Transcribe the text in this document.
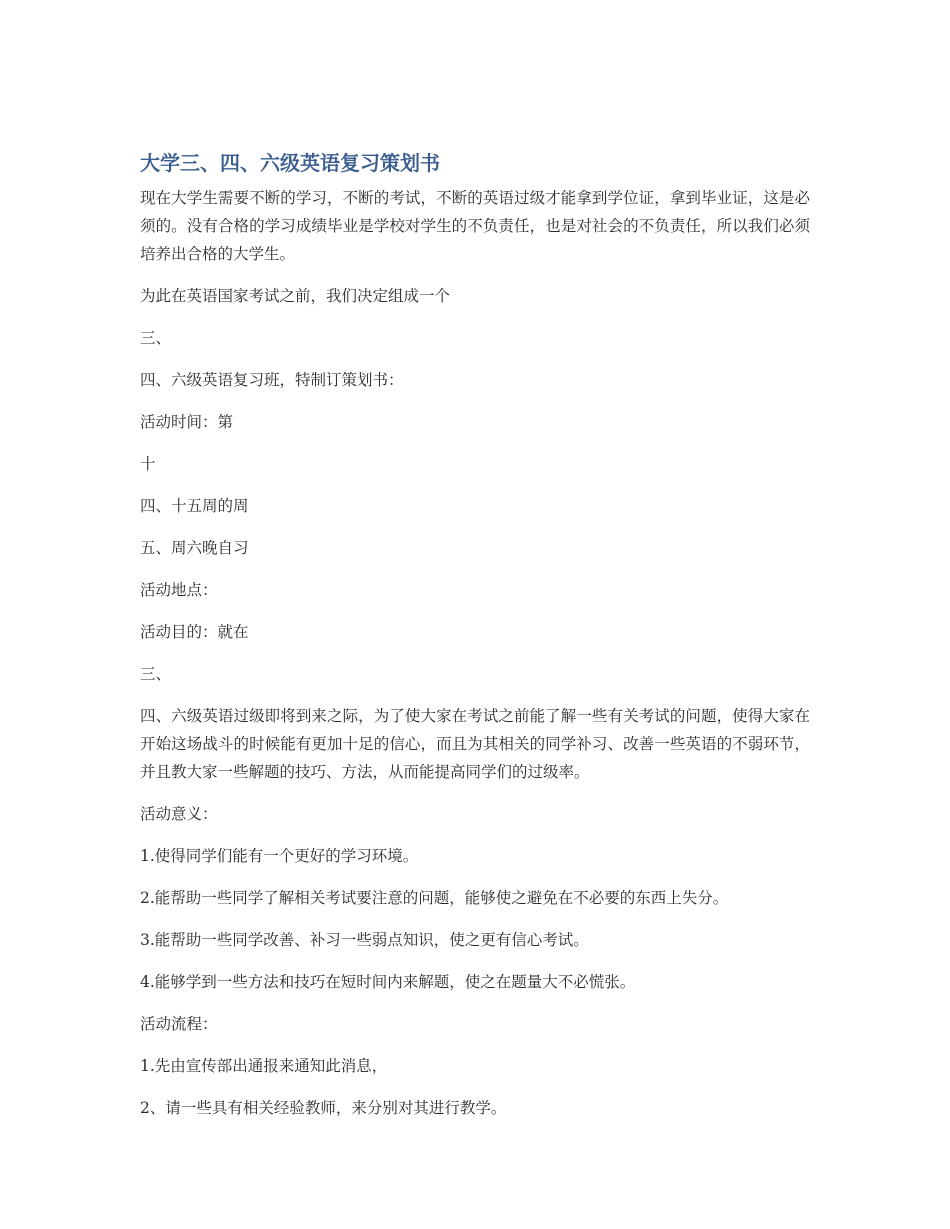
大学三、四、六级英语复习策划书

现在大学生需要不断的学习，不断的考试，不断的英语过级才能拿到学位证，拿到毕业证，这是必须的。没有合格的学习成绩毕业是学校对学生的不负责任，也是对社会的不负责任，所以我们必须培养出合格的大学生。

为此在英语国家考试之前，我们决定组成一个

三、

四、六级英语复习班，特制订策划书：

活动时间：第

十

四、十五周的周

五、周六晚自习

活动地点：

活动目的：就在

三、

四、六级英语过级即将到来之际，为了使大家在考试之前能了解一些有关考试的问题，使得大家在开始这场战斗的时候能有更加十足的信心，而且为其相关的同学补习、改善一些英语的不弱环节，并且教大家一些解题的技巧、方法，从而能提高同学们的过级率。

活动意义：

1.使得同学们能有一个更好的学习环境。

2.能帮助一些同学了解相关考试要注意的问题，能够使之避免在不必要的东西上失分。

3.能帮助一些同学改善、补习一些弱点知识，使之更有信心考试。

4.能够学到一些方法和技巧在短时间内来解题，使之在题量大不必慌张。

活动流程：

1.先由宣传部出通报来通知此消息，

2、请一些具有相关经验教师，来分别对其进行教学。
